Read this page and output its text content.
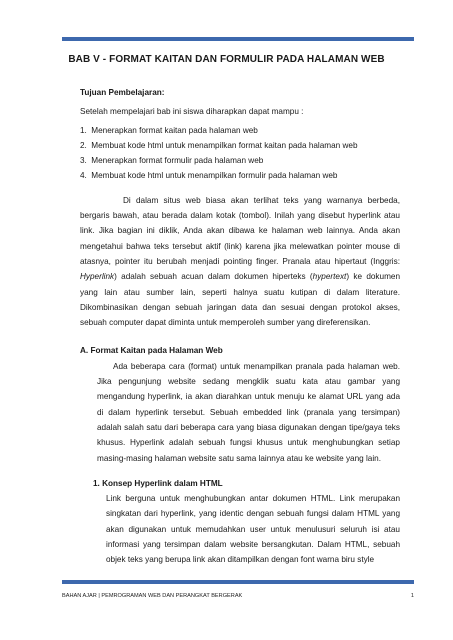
BAB V - FORMAT KAITAN DAN FORMULIR PADA HALAMAN WEB

Tujuan Pembelajaran:

Setelah mempelajari bab ini siswa diharapkan dapat mampu :

1. Menerapkan format kaitan pada halaman web
2. Membuat kode html untuk menampilkan format kaitan pada halaman web
3. Menerapkan format formulir pada halaman web
4. Membuat kode html untuk menampilkan formulir pada halaman web

Di dalam situs web biasa akan terlihat teks yang warnanya berbeda, bergaris bawah, atau berada dalam kotak (tombol). Inilah yang disebut hyperlink atau link. Jika bagian ini diklik, Anda akan dibawa ke halaman web lainnya. Anda akan mengetahui bahwa teks tersebut aktif (link) karena jika melewatkan pointer mouse di atasnya, pointer itu berubah menjadi pointing finger. Pranala atau hipertaut (Inggris: Hyperlink) adalah sebuah acuan dalam dokumen hiperteks (hypertext) ke dokumen yang lain atau sumber lain, seperti halnya suatu kutipan di dalam literature. Dikombinasikan dengan sebuah jaringan data dan sesuai dengan protokol akses, sebuah computer dapat diminta untuk memperoleh sumber yang direferensikan.

A. Format Kaitan pada Halaman Web

Ada beberapa cara (format) untuk menampilkan pranala pada halaman web. Jika pengunjung website sedang mengklik suatu kata atau gambar yang mengandung hyperlink, ia akan diarahkan untuk menuju ke alamat URL yang ada di dalam hyperlink tersebut. Sebuah embedded link (pranala yang tersimpan) adalah salah satu dari beberapa cara yang biasa digunakan dengan tipe/gaya teks khusus. Hyperlink adalah sebuah fungsi khusus untuk menghubungkan setiap masing-masing halaman website satu sama lainnya atau ke website yang lain.

1. Konsep Hyperlink dalam HTML

Link berguna untuk menghubungkan antar dokumen HTML. Link merupakan singkatan dari hyperlink, yang identic dengan sebuah fungsi dalam HTML yang akan digunakan untuk memudahkan user untuk menulusuri seluruh isi atau informasi yang tersimpan dalam website bersangkutan. Dalam HTML, sebuah objek teks yang berupa link akan ditampilkan dengan font warna biru style

BAHAN AJAR | PEMROGRAMAN WEB DAN PERANGKAT BERGERAK	1
